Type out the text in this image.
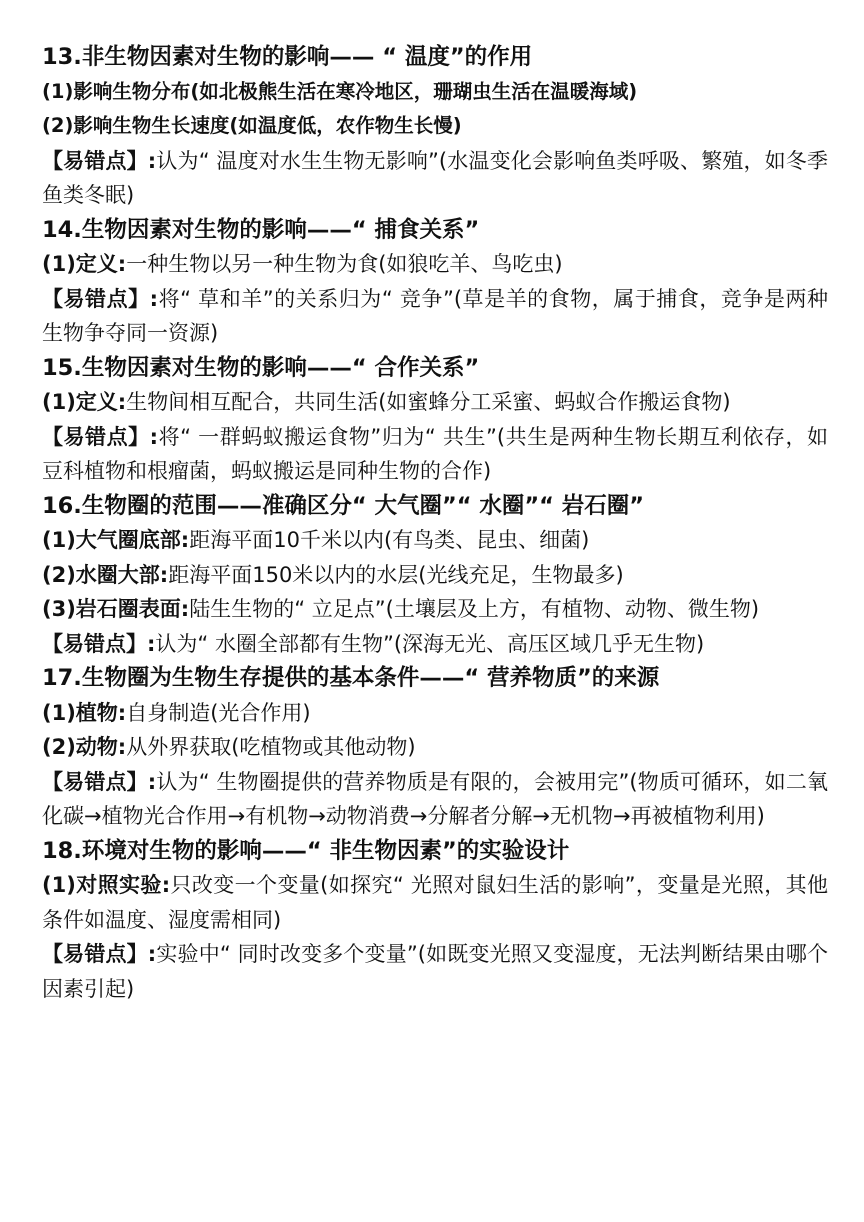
13.非生物因素对生物的影响—— “ 温度”的作用
(1)影响生物分布(如北极熊生活在寒冷地区，珊瑚虫生活在温暖海域)
(2)影响生物生长速度(如温度低，农作物生长慢)
【易错点】:认为“ 温度对水生生物无影响”(水温变化会影响鱼类呼吸、繁殖，如冬季鱼类冬眠)
14.生物因素对生物的影响——“ 捕食关系”
(1)定义:一种生物以另一种生物为食(如狼吃羊、鸟吃虫)
【易错点】:将“ 草和羊”的关系归为“ 竞争”(草是羊的食物，属于捕食，竞争是两种生物争夺同一资源)
15.生物因素对生物的影响——“ 合作关系”
(1)定义:生物间相互配合，共同生活(如蜜蜂分工采蜜、蚂蚁合作搬运食物)
【易错点】:将“ 一群蚂蚁搬运食物”归为“ 共生”(共生是两种生物长期互利依存，如豆科植物和根瘤菌，蚂蚁搬运是同种生物的合作)
16.生物圈的范围——准确区分“ 大气圈”“ 水圈”“ 岩石圈”
(1)大气圈底部:距海平面10千米以内(有鸟类、昆虫、细菌)
(2)水圈大部:距海平面150米以内的水层(光线充足，生物最多)
(3)岩石圈表面:陆生生物的“ 立足点”(土壤层及上方，有植物、动物、微生物)
【易错点】:认为“ 水圈全部都有生物”(深海无光、高压区域几乎无生物)
17.生物圈为生物生存提供的基本条件——“ 营养物质”的来源
(1)植物:自身制造(光合作用)
(2)动物:从外界获取(吃植物或其他动物)
【易错点】:认为“ 生物圈提供的营养物质是有限的，会被用完”(物质可循环，如二氧化碳→植物光合作用→有机物→动物消费→分解者分解→无机物→再被植物利用)
18.环境对生物的影响——“ 非生物因素”的实验设计
(1)对照实验:只改变一个变量(如探究“ 光照对鼠妇生活的影响”，变量是光照，其他条件如温度、湿度需相同)
【易错点】:实验中“ 同时改变多个变量”(如既变光照又变湿度，无法判断结果由哪个因素引起)
